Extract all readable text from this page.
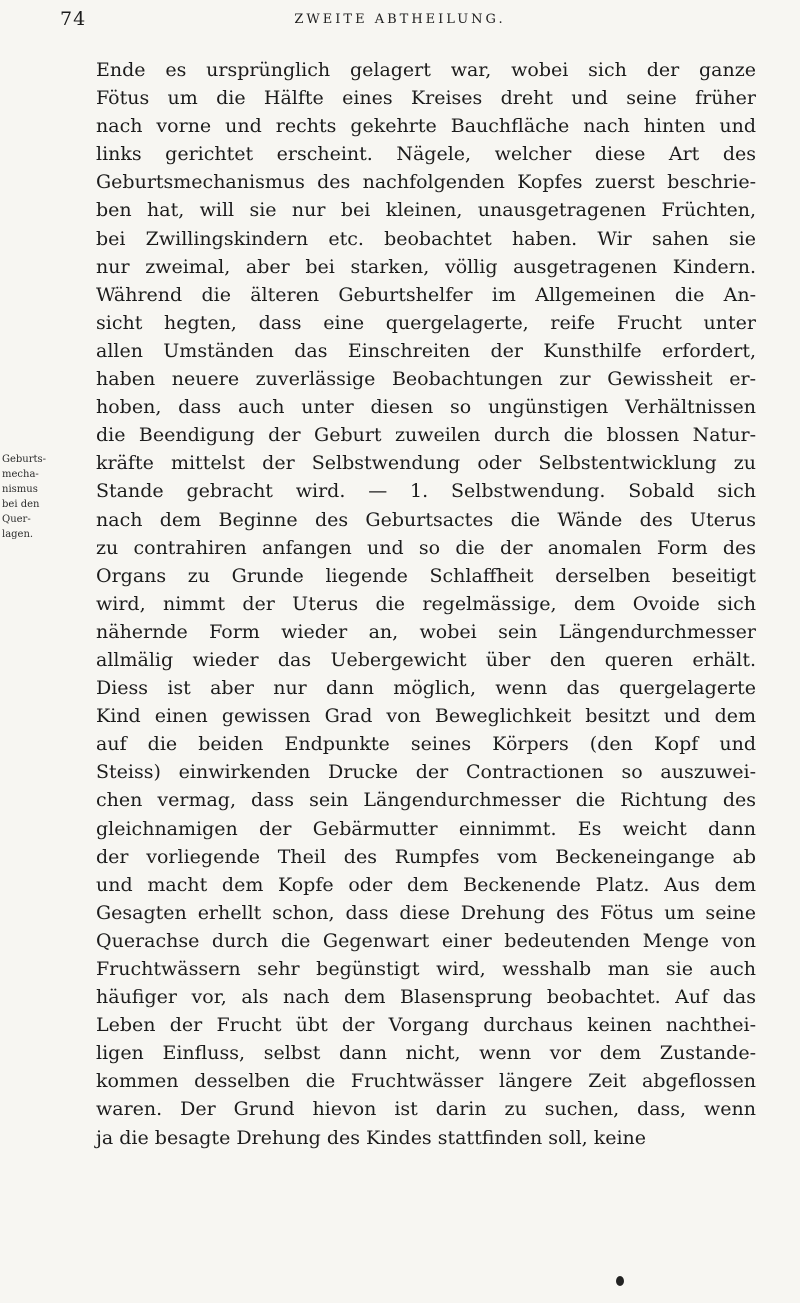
74	ZWEITE ABTHEILUNG.
Geburts-
mecha-
nismus
bei den
Quer-
lagen.
Ende es ursprünglich gelagert war, wobei sich der ganze
Fötus um die Hälfte eines Kreises dreht und seine früher
nach vorne und rechts gekehrte Bauchfläche nach hinten und
links gerichtet erscheint. Nägele, welcher diese Art des
Geburtsmechanismus des nachfolgenden Kopfes zuerst beschrie-
ben hat, will sie nur bei kleinen, unausgetragenen Früchten,
bei Zwillingskindern etc. beobachtet haben. Wir sahen sie
nur zweimal, aber bei starken, völlig ausgetragenen Kindern.
Während die älteren Geburtshelfer im Allgemeinen die An-
sicht hegten, dass eine quergelagerte, reife Frucht unter
allen Umständen das Einschreiten der Kunsthilfe erfordert,
haben neuere zuverlässige Beobachtungen zur Gewissheit er-
hoben, dass auch unter diesen so ungünstigen Verhältnissen
die Beendigung der Geburt zuweilen durch die blossen Natur-
kräfte mittelst der Selbstwendung oder Selbstentwicklung zu
Stande gebracht wird. — 1. Selbstwendung. Sobald sich
nach dem Beginne des Geburtsactes die Wände des Uterus
zu contrahiren anfangen und so die der anomalen Form des
Organs zu Grunde liegende Schlaffheit derselben beseitigt
wird, nimmt der Uterus die regelmässige, dem Ovoide sich
nähernde Form wieder an, wobei sein Längendurchmesser
allmälig wieder das Uebergewicht über den queren erhält.
Diess ist aber nur dann möglich, wenn das quergelagerte
Kind einen gewissen Grad von Beweglichkeit besitzt und dem
auf die beiden Endpunkte seines Körpers (den Kopf und
Steiss) einwirkenden Drucke der Contractionen so auszuwei-
chen vermag, dass sein Längendurchmesser die Richtung des
gleichnamigen der Gebärmutter einnimmt. Es weicht dann
der vorliegende Theil des Rumpfes vom Beckeneingange ab
und macht dem Kopfe oder dem Beckenende Platz. Aus dem
Gesagten erhellt schon, dass diese Drehung des Fötus um seine
Querachse durch die Gegenwart einer bedeutenden Menge von
Fruchtwässern sehr begünstigt wird, wesshalb man sie auch
häufiger vor, als nach dem Blasensprung beobachtet. Auf das
Leben der Frucht übt der Vorgang durchaus keinen nachthei-
ligen Einfluss, selbst dann nicht, wenn vor dem Zustande-
kommen desselben die Fruchtwässer längere Zeit abgeflossen
waren. Der Grund hievon ist darin zu suchen, dass, wenn
ja die besagte Drehung des Kindes stattfinden soll, keine
